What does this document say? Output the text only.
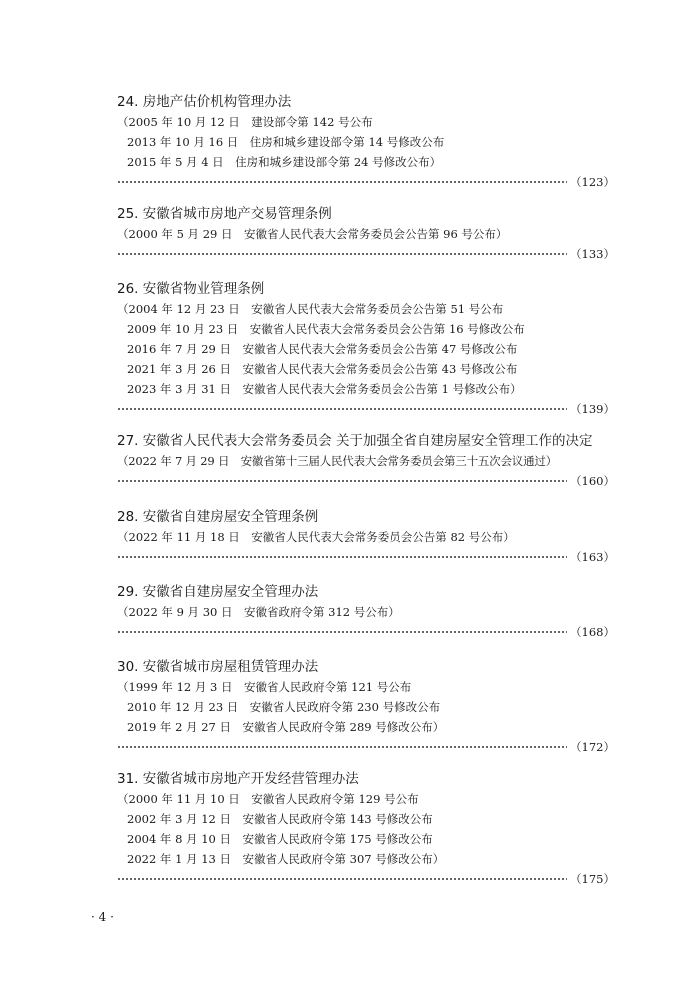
24. 房地产估价机构管理办法
（2005 年 10 月 12 日　建设部令第 142 号公布
2013 年 10 月 16 日　住房和城乡建设部令第 14 号修改公布
2015 年 5 月 4 日　住房和城乡建设部令第 24 号修改公布）
（123）
25. 安徽省城市房地产交易管理条例
（2000 年 5 月 29 日　安徽省人民代表大会常务委员会公告第 96 号公布）
（133）
26. 安徽省物业管理条例
（2004 年 12 月 23 日　安徽省人民代表大会常务委员会公告第 51 号公布
2009 年 10 月 23 日　安徽省人民代表大会常务委员会公告第 16 号修改公布
2016 年 7 月 29 日　安徽省人民代表大会常务委员会公告第 47 号修改公布
2021 年 3 月 26 日　安徽省人民代表大会常务委员会公告第 43 号修改公布
2023 年 3 月 31 日　安徽省人民代表大会常务委员会公告第 1 号修改公布）
（139）
27. 安徽省人民代表大会常务委员会 关于加强全省自建房屋安全管理工作的决定
（2022 年 7 月 29 日　安徽省第十三届人民代表大会常务委员会第三十五次会议通过）
（160）
28. 安徽省自建房屋安全管理条例
（2022 年 11 月 18 日　安徽省人民代表大会常务委员会公告第 82 号公布）
（163）
29. 安徽省自建房屋安全管理办法
（2022 年 9 月 30 日　安徽省政府令第 312 号公布）
（168）
30. 安徽省城市房屋租赁管理办法
（1999 年 12 月 3 日　安徽省人民政府令第 121 号公布
2010 年 12 月 23 日　安徽省人民政府令第 230 号修改公布
2019 年 2 月 27 日　安徽省人民政府令第 289 号修改公布）
（172）
31. 安徽省城市房地产开发经营管理办法
（2000 年 11 月 10 日　安徽省人民政府令第 129 号公布
2002 年 3 月 12 日　安徽省人民政府令第 143 号修改公布
2004 年 8 月 10 日　安徽省人民政府令第 175 号修改公布
2022 年 1 月 13 日　安徽省人民政府令第 307 号修改公布）
（175）
· 4 ·
